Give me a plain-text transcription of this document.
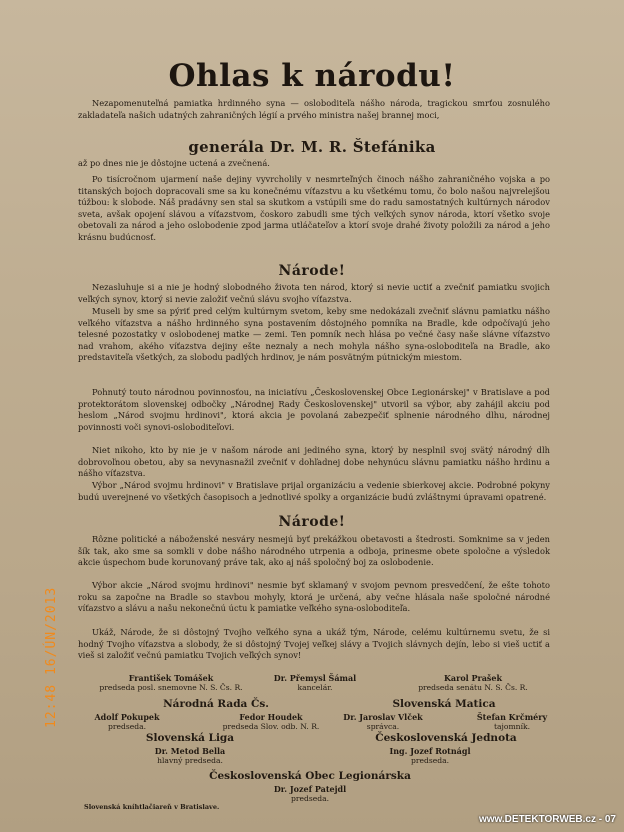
Ohlas k národu!
Nezapomenuteľná pamiatka hrdinného syna — osloboditeľa nášho národa, tragickou smrťou zosnulého zakladateľa našich udatných zahraničných légií a prvého ministra našej brannej moci,
generála Dr. M. R. Štefánika
až po dnes nie je dôstojne uctená a zvečnená.
Po tisícročnom ujarmení naše dejiny vyvrcholily v nesmrteľných činoch nášho zahraničného vojska a po titanských bojoch dopracovali sme sa ku konečnému víťazstvu a ku všetkému tomu, čo bolo našou najvrelejšou túžbou: k slobode. Náš pradávny sen stal sa skutkom a vstúpili sme do radu samostatných kultúrnych národov sveta, avšak opojení slávou a víťazstvom, čoskoro zabudli sme tých veľkých synov národa, ktorí všetko svoje obetovali za národ a jeho oslobodenie zpod jarma utláčateľov a ktorí svoje drahé životy položili za národ a jeho krásnu budúcnosť.
Národe!
Nezasluhuje si a nie je hodný slobodného života ten národ, ktorý si nevie uctiť a zvečniť pamiatku svojich veľkých synov, ktorý si nevie založiť večnú slávu svojho víťazstva.
Museli by sme sa pýriť pred celým kultúrnym svetom, keby sme nedokázali zvečniť slávnu pamiatku nášho veľkého víťazstva a nášho hrdinného syna postavením dôstojného pomníka na Bradle, kde odpočívajú jeho telesné pozostatky v oslobodenej matke — zemi. Ten pomník nech hlása po večné časy naše slávne víťazstvo nad vrahom, akého víťazstva dejiny ešte neznaly a nech mohyla nášho syna-osloboditeľa na Bradle, ako predstaviteľa všetkých, za slobodu padlých hrdinov, je nám posvätným pútnickým miestom.
Pohnutý touto národnou povinnosťou, na iniciatívu „Československej Obce Legionárskej" v Bratislave a pod protektorátom slovenskej odbočky „Národnej Rady Československej" utvoril sa výbor, aby zahájil akciu pod heslom „Národ svojmu hrdinovi", ktorá akcia je povolaná zabezpečiť splnenie národného dlhu, národnej povinnosti voči synovi-osloboditeľovi.
Niet nikoho, kto by nie je v našom národe ani jediného syna, ktorý by nesplnil svoj svätý národný dlh dobrovoľnou obetou, aby sa nevynasnažil zvečniť v dohľadnej dobe nehynúcu slávnu pamiatku nášho hrdinu a nášho víťazstva.
Výbor „Národ svojmu hrdinovi" v Bratislave prijal organizáciu a vedenie sbierkovej akcie. Podrobné pokyny budú uverejnené vo všetkých časopisoch a jednotlivé spolky a organizácie budú zvláštnymi úpravami opatrené.
Národe!
Rôzne politické a náboženské nesváry nesmejú byť prekážkou obetavosti a štedrosti. Somknime sa v jeden šík tak, ako sme sa somkli v dobe nášho národného utrpenia a odboja, prinesme obete spoločne a výsledok akcie úspechom bude korunovaný práve tak, ako aj náš spoločný boj za oslobodenie.
Výbor akcie „Národ svojmu hrdinovi" nesmie byť sklamaný v svojom pevnom presvedčení, že ešte tohoto roku sa započne na Bradle so stavbou mohyly, ktorá je určená, aby večne hlásala naše spoločné národné víťazstvo a slávu a našu nekonečnú úctu k pamiatke veľkého syna-osloboditeľa.
Ukáž, Národe, že si dôstojný Tvojho veľkého syna a ukáž tým, Národe, celému kultúrnemu svetu, že si hodný Tvojho víťazstva a slobody, že si dôstojný Tvojej veľkej slávy a Tvojich slávnych dejín, lebo si vieš uctiť a vieš si založiť večnú pamiatku Tvojich veľkých synov!
František Tomášek
predseda posl. snemovne N. S. Čs. R.
Dr. Přemysl Šámal
kancelár.
Karol Prašek
predseda senátu N. S. Čs. R.
Národná Rada Čs.	Slovenská Matica
Adolf Pokupek
predseda.
Fedor Houdek
predseda Slov. odb. N. R.
Dr. Jaroslav Vlček
správca.
Štefan Krčméry
tajomník.
Slovenská Liga	Československá Jednota
Dr. Metod Bella
hlavný predseda.
Ing. Jozef Rotnágl
predseda.
Československá Obec Legionárska
Dr. Jozef Patejdl
predseda.
Slovenská kníhtlačiareň v Bratislave.
12:48 16/ÚN/2013
www.DETEKTORWEB.cz - 07
